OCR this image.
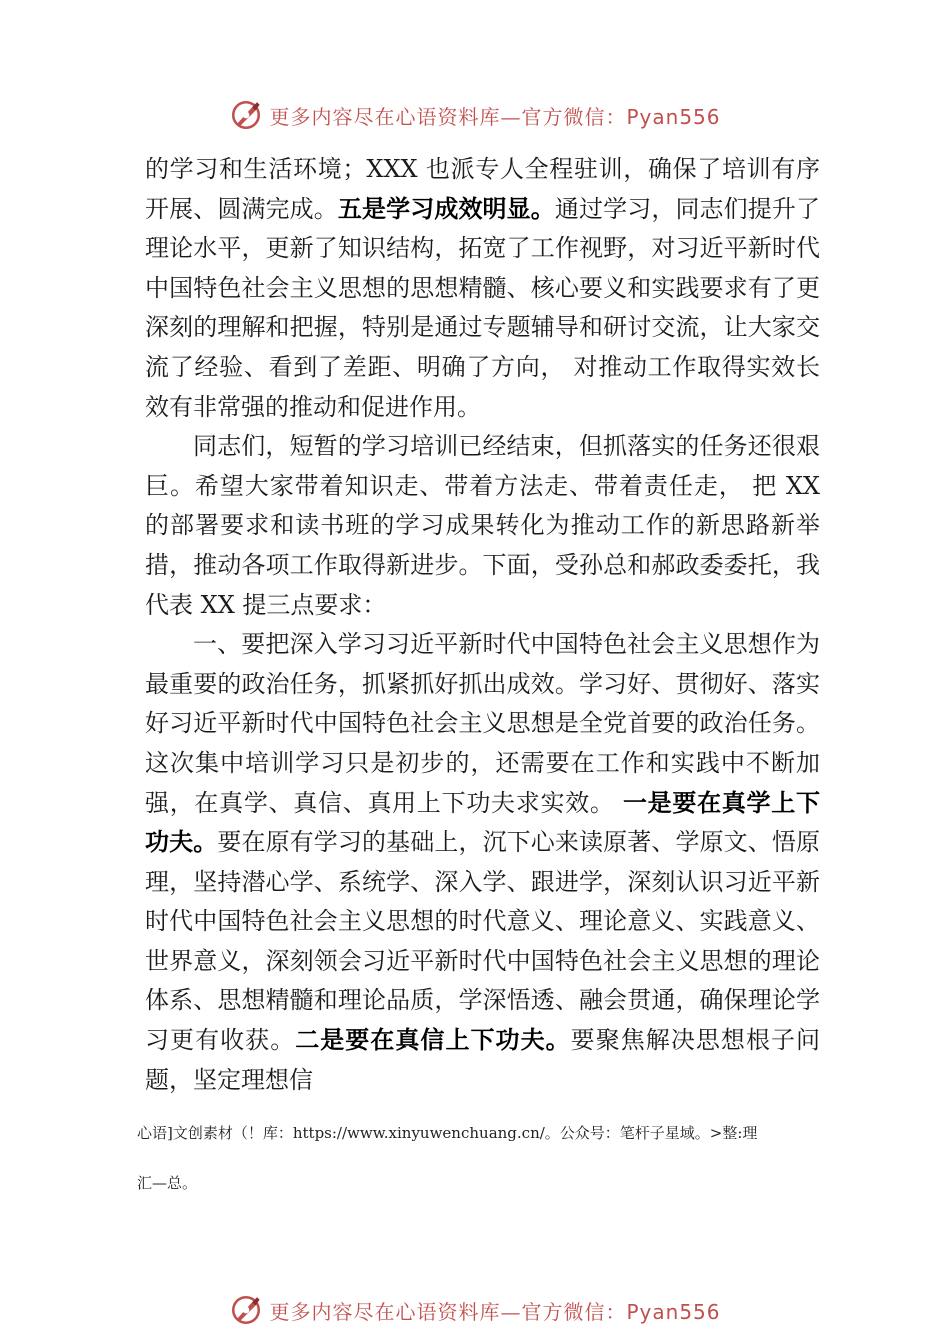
更多内容尽在心语资料库—官方微信：Pyan556

的学习和生活环境；XXX 也派专人全程驻训，确保了培训有序开展、圆满完成。五是学习成效明显。通过学习，同志们提升了理论水平，更新了知识结构，拓宽了工作视野，对习近平新时代中国特色社会主义思想的思想精髓、核心要义和实践要求有了更深刻的理解和把握，特别是通过专题辅导和研讨交流，让大家交流了经验、看到了差距、明确了方向， 对推动工作取得实效长效有非常强的推动和促进作用。

同志们，短暂的学习培训已经结束，但抓落实的任务还很艰巨。希望大家带着知识走、带着方法走、带着责任走， 把 XX 的部署要求和读书班的学习成果转化为推动工作的新思路新举措，推动各项工作取得新进步。下面，受孙总和郝政委委托，我代表 XX 提三点要求：

一、要把深入学习习近平新时代中国特色社会主义思想作为最重要的政治任务，抓紧抓好抓出成效。学习好、贯彻好、落实好习近平新时代中国特色社会主义思想是全党首要的政治任务。这次集中培训学习只是初步的，还需要在工作和实践中不断加强，在真学、真信、真用上下功夫求实效。 一是要在真学上下功夫。要在原有学习的基础上，沉下心来读原著、学原文、悟原理，坚持潜心学、系统学、深入学、跟进学，深刻认识习近平新时代中国特色社会主义思想的时代意义、理论意义、实践意义、世界意义，深刻领会习近平新时代中国特色社会主义思想的理论体系、思想精髓和理论品质，学深悟透、融会贯通，确保理论学习更有收获。二是要在真信上下功夫。要聚焦解决思想根子问题，坚定理想信

心语]文创素材（！库：https://www.xinyuwenchuang.cn/。公众号：笔杆子星域。>整:理
汇—总。
更多内容尽在心语资料库—官方微信：Pyan556
